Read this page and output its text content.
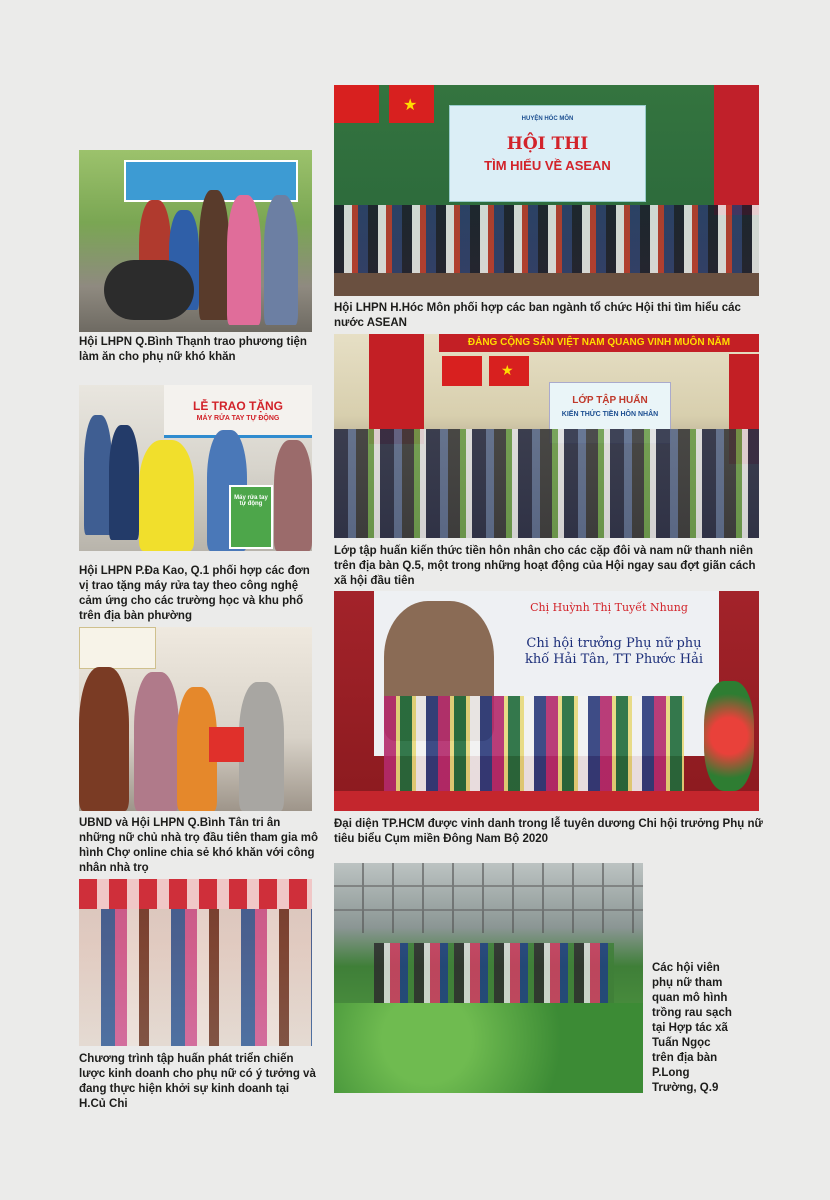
Hội LHPN Q.Bình Thạnh trao phương tiện làm ăn cho phụ nữ khó khăn

★
HUYỆN HÓC MÔN
HỘI THI
TÌM HIỂU VỀ ASEAN

Hội LHPN H.Hóc Môn phối hợp các ban ngành tổ chức Hội thi tìm hiểu các nước ASEAN

LỄ TRAO TẶNG
MÁY RỬA TAY TỰ ĐỘNG
Máy rửa tay tự động

Hội LHPN P.Đa Kao, Q.1 phối hợp các đơn vị trao tặng máy rửa tay theo công nghệ cảm ứng cho các trường học và khu phố trên địa bàn phường

ĐẢNG CỘNG SẢN VIỆT NAM QUANG VINH MUÔN NĂM
★
LỚP TẬP HUẤN
KIẾN THỨC TIỀN HÔN NHÂN

Lớp tập huấn kiến thức tiền hôn nhân cho các cặp đôi và nam nữ thanh niên trên địa bàn Q.5, một trong những hoạt động của Hội ngay sau đợt giãn cách xã hội đầu tiên

UBND và Hội LHPN Q.Bình Tân tri ân những nữ chủ nhà trọ đầu tiên tham gia mô hình Chợ online chia sẻ khó khăn với công nhân nhà trọ

Chị Huỳnh Thị Tuyết Nhung
Chi hội trưởng Phụ nữ phụ khố Hải Tân, TT Phước Hải

Đại diện TP.HCM được vinh danh trong lễ tuyên dương Chi hội trưởng Phụ nữ tiêu biểu Cụm miền Đông Nam Bộ 2020

Chương trình tập huấn phát triển chiến lược kinh doanh cho phụ nữ có ý tưởng và đang thực hiện khởi sự kinh doanh tại H.Củ Chi

Các hội viên phụ nữ tham quan mô hình trồng rau sạch tại Hợp tác xã Tuấn Ngọc trên địa bàn P.Long Trường, Q.9
